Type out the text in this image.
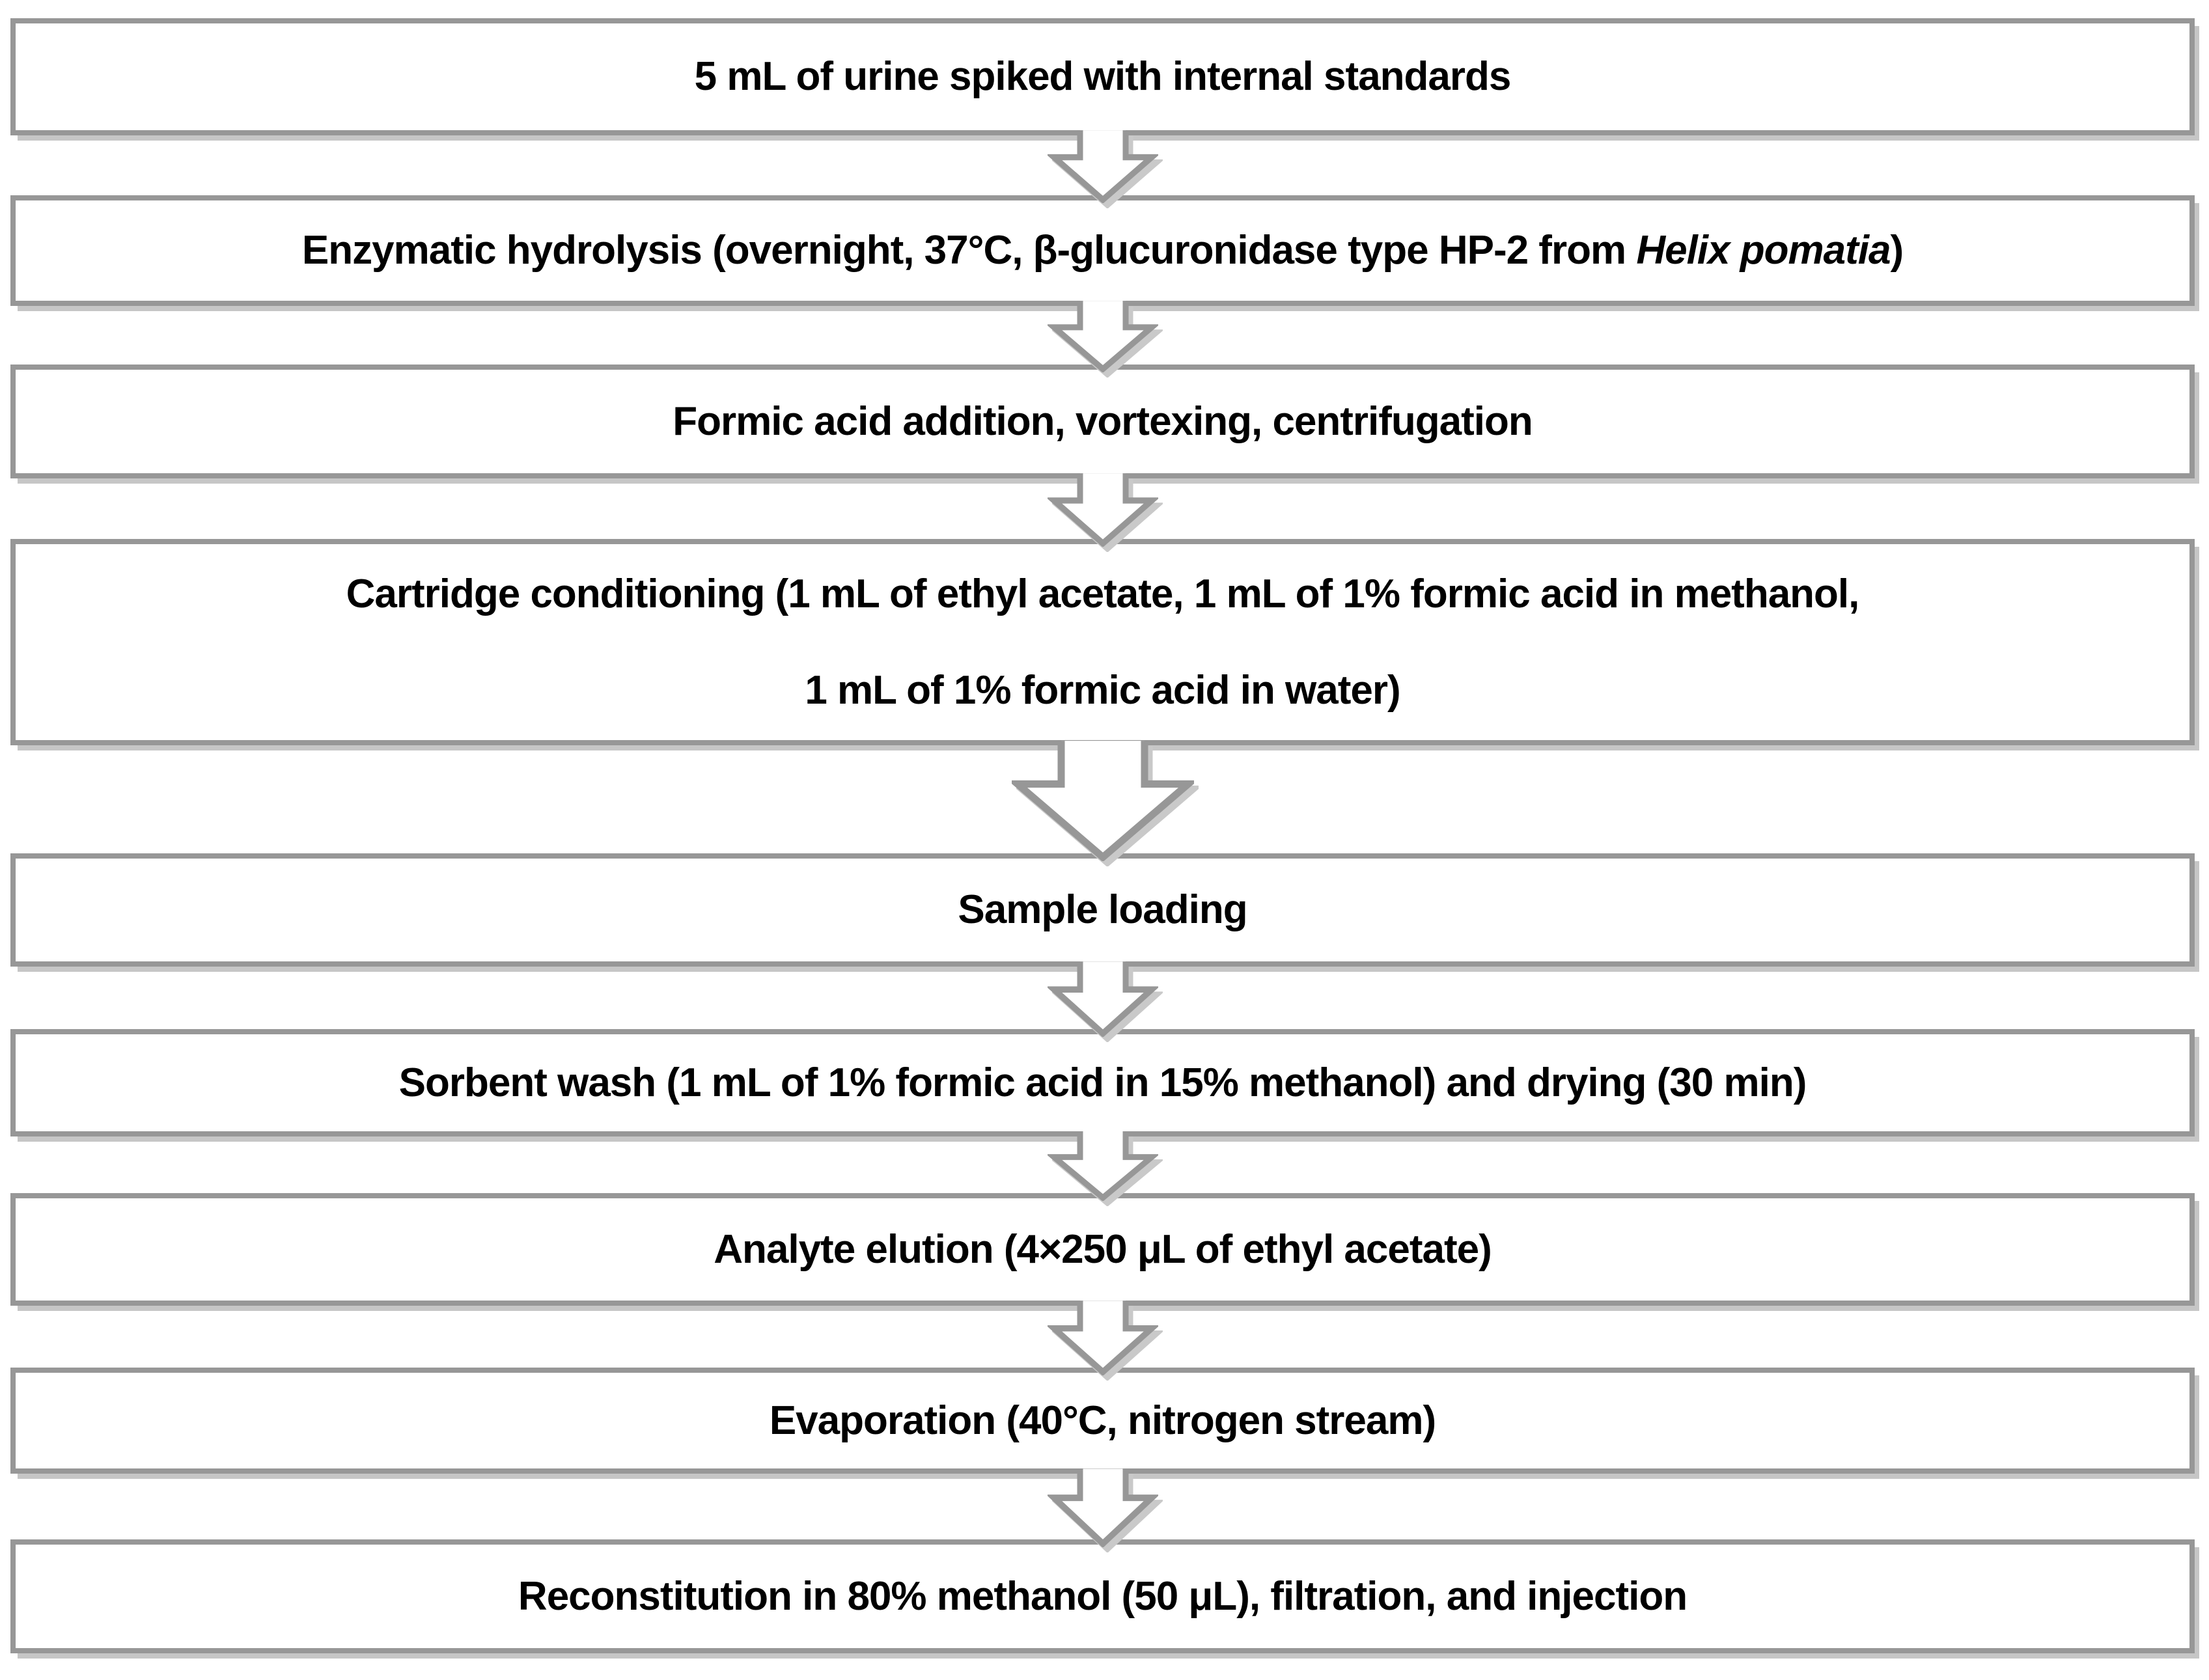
5 mL of urine spiked with internal standards
Enzymatic hydrolysis (overnight, 37°C, β-glucuronidase type HP-2 from Helix pomatia)
Formic acid addition, vortexing, centrifugation
Cartridge conditioning (1 mL of ethyl acetate, 1 mL of 1% formic acid in methanol,
1 mL of 1% formic acid in water)
Sample loading
Sorbent wash (1 mL of 1% formic acid in 15% methanol) and drying (30 min)
Analyte elution (4×250 μL of ethyl acetate)
Evaporation (40°C, nitrogen stream)
Reconstitution in 80% methanol (50 μL), filtration, and injection
